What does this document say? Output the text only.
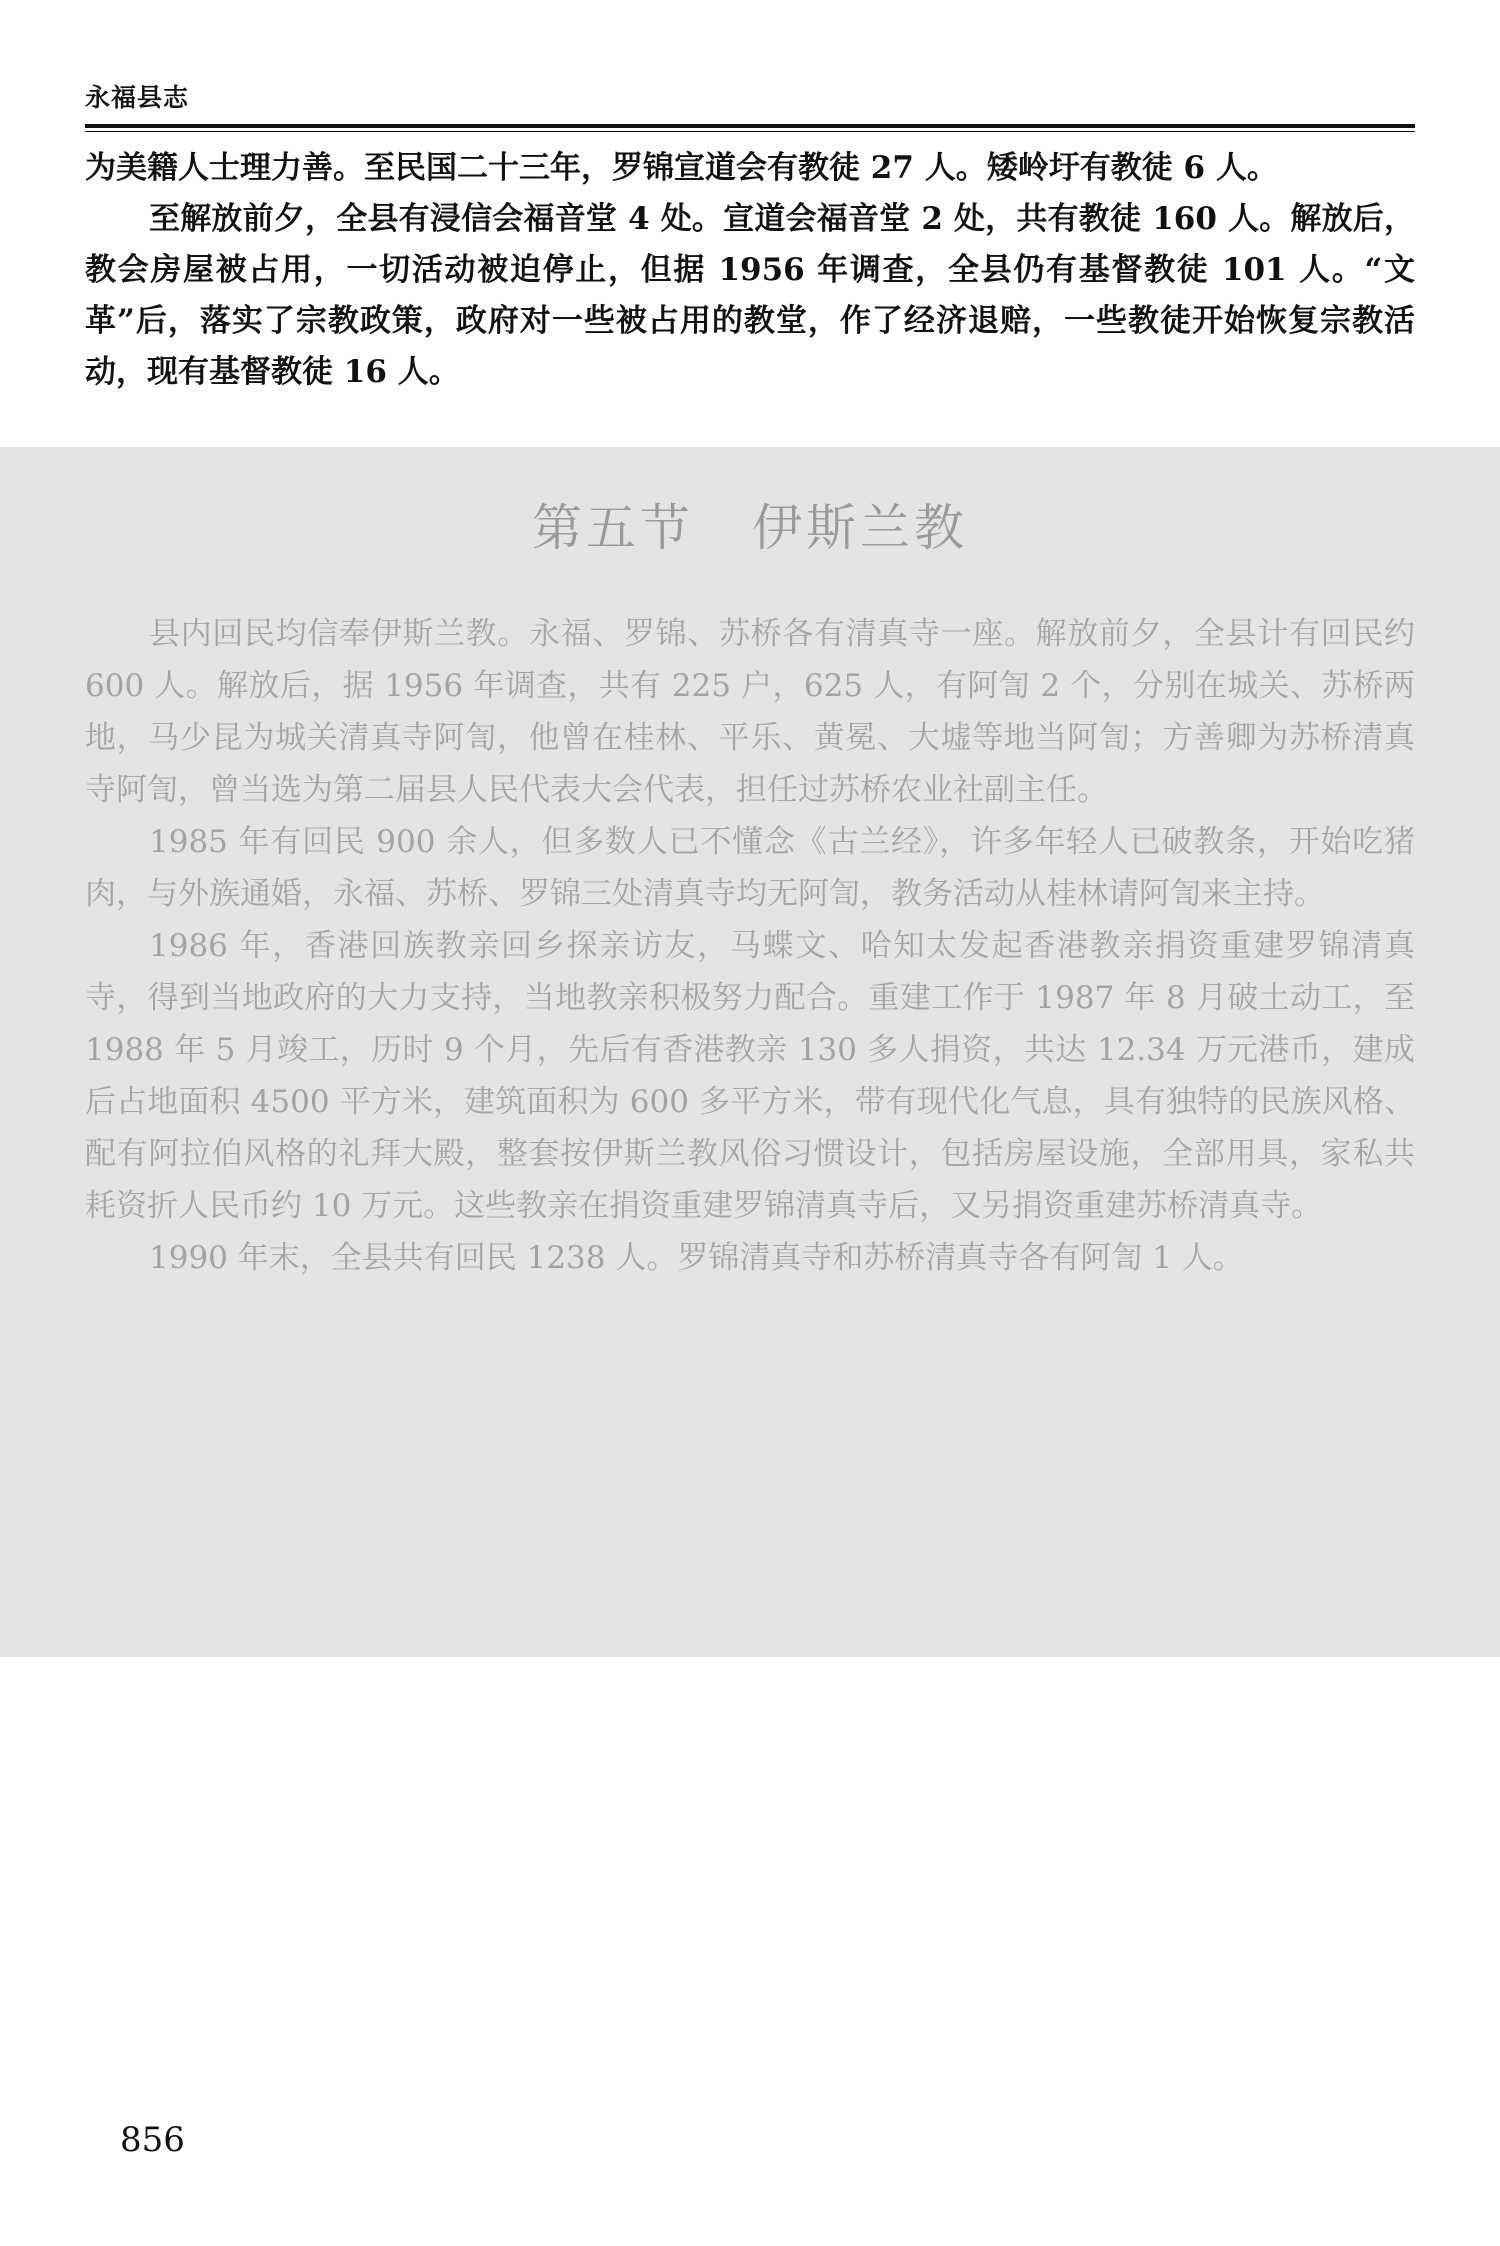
永福县志

为美籍人士理力善。至民国二十三年，罗锦宣道会有教徒 27 人。矮岭圩有教徒 6 人。

至解放前夕，全县有浸信会福音堂 4 处。宣道会福音堂 2 处，共有教徒 160 人。解放后，教会房屋被占用，一切活动被迫停止，但据 1956 年调查，全县仍有基督教徒 101 人。“文革”后，落实了宗教政策，政府对一些被占用的教堂，作了经济退赔，一些教徒开始恢复宗教活动，现有基督教徒 16 人。

第五节 伊斯兰教

县内回民均信奉伊斯兰教。永福、罗锦、苏桥各有清真寺一座。解放前夕，全县计有回民约 600 人。解放后，据 1956 年调查，共有 225 户，625 人，有阿訇 2 个，分别在城关、苏桥两地，马少昆为城关清真寺阿訇，他曾在桂林、平乐、黄冕、大墟等地当阿訇；方善卿为苏桥清真寺阿訇，曾当选为第二届县人民代表大会代表，担任过苏桥农业社副主任。

1985 年有回民 900 余人，但多数人已不懂念《古兰经》，许多年轻人已破教条，开始吃猪肉，与外族通婚，永福、苏桥、罗锦三处清真寺均无阿訇，教务活动从桂林请阿訇来主持。

1986 年，香港回族教亲回乡探亲访友，马蝶文、哈知太发起香港教亲捐资重建罗锦清真寺，得到当地政府的大力支持，当地教亲积极努力配合。重建工作于 1987 年 8 月破土动工，至 1988 年 5 月竣工，历时 9 个月，先后有香港教亲 130 多人捐资，共达 12.34 万元港币，建成后占地面积 4500 平方米，建筑面积为 600 多平方米，带有现代化气息，具有独特的民族风格、配有阿拉伯风格的礼拜大殿，整套按伊斯兰教风俗习惯设计，包括房屋设施，全部用具，家私共耗资折人民币约 10 万元。这些教亲在捐资重建罗锦清真寺后，又另捐资重建苏桥清真寺。

1990 年末，全县共有回民 1238 人。罗锦清真寺和苏桥清真寺各有阿訇 1 人。

856
